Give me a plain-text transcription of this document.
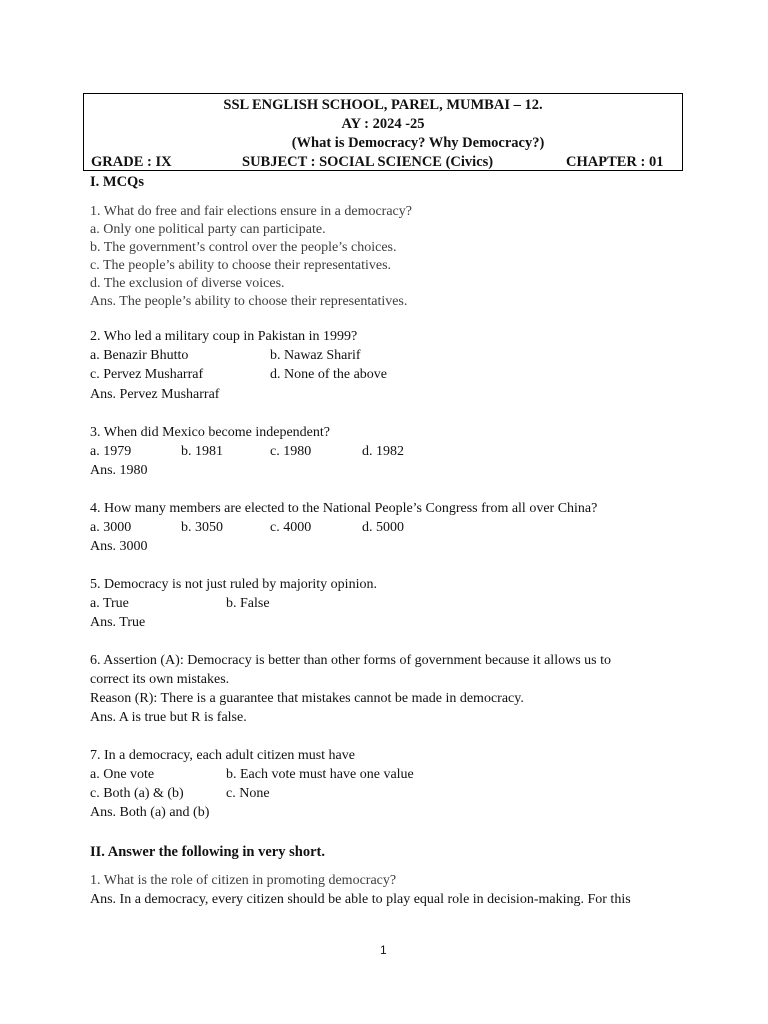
SSL ENGLISH SCHOOL, PAREL, MUMBAI – 12.
AY : 2024 -25
(What is Democracy? Why Democracy?)
GRADE : IX	SUBJECT : SOCIAL SCIENCE (Civics)	CHAPTER : 01
I. MCQs
1. What do free and fair elections ensure in a democracy?
a. Only one political party can participate.
b. The government’s control over the people’s choices.
c. The people’s ability to choose their representatives.
d. The exclusion of diverse voices.
Ans. The people’s ability to choose their representatives.
2. Who led a military coup in Pakistan in 1999?
a. Benazir Bhutto	b. Nawaz Sharif
c. Pervez Musharraf	d. None of the above
Ans. Pervez Musharraf
3. When did Mexico become independent?
a. 1979	b. 1981	c. 1980	d. 1982
Ans. 1980
4. How many members are elected to the National People’s Congress from all over China?
a. 3000	b. 3050	c. 4000	d. 5000
Ans. 3000
5. Democracy is not just ruled by majority opinion.
a. True	b. False
Ans. True
6. Assertion (A): Democracy is better than other forms of government because it allows us to
correct its own mistakes.
Reason (R): There is a guarantee that mistakes cannot be made in democracy.
Ans. A is true but R is false.
7. In a democracy, each adult citizen must have
a. One vote	b. Each vote must have one value
c. Both (a) & (b)	c. None
Ans. Both (a) and (b)
II. Answer the following in very short.
1. What is the role of citizen in promoting democracy?
Ans. In a democracy, every citizen should be able to play equal role in decision-making. For this
1
